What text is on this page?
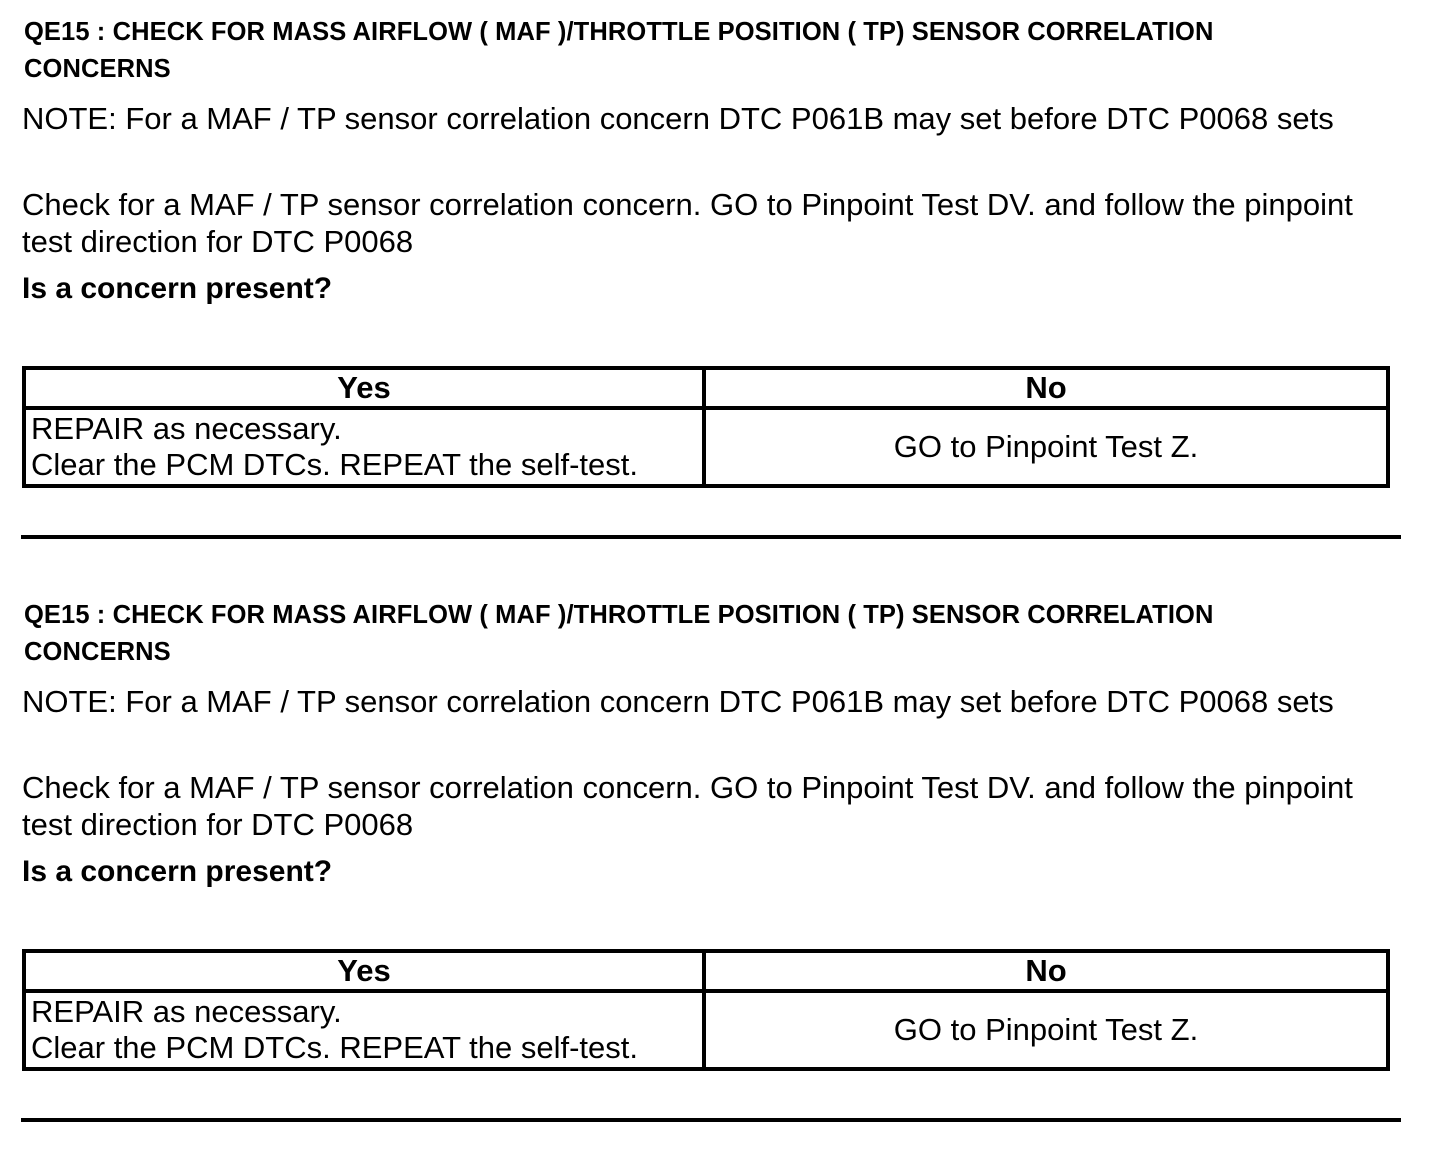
QE15 : CHECK FOR MASS AIRFLOW ( MAF )/THROTTLE POSITION ( TP) SENSOR CORRELATION CONCERNS
NOTE: For a MAF / TP sensor correlation concern DTC P061B may set before DTC P0068 sets
Check for a MAF / TP sensor correlation concern. GO to Pinpoint Test DV. and follow the pinpoint test direction for DTC P0068
Is a concern present?
Yes	No

REPAIR as necessary.
Clear the PCM DTCs. REPEAT the self-test.	GO to Pinpoint Test Z.
QE15 : CHECK FOR MASS AIRFLOW ( MAF )/THROTTLE POSITION ( TP) SENSOR CORRELATION CONCERNS
NOTE: For a MAF / TP sensor correlation concern DTC P061B may set before DTC P0068 sets
Check for a MAF / TP sensor correlation concern. GO to Pinpoint Test DV. and follow the pinpoint test direction for DTC P0068
Is a concern present?
Yes	No

REPAIR as necessary.
Clear the PCM DTCs. REPEAT the self-test.	GO to Pinpoint Test Z.
